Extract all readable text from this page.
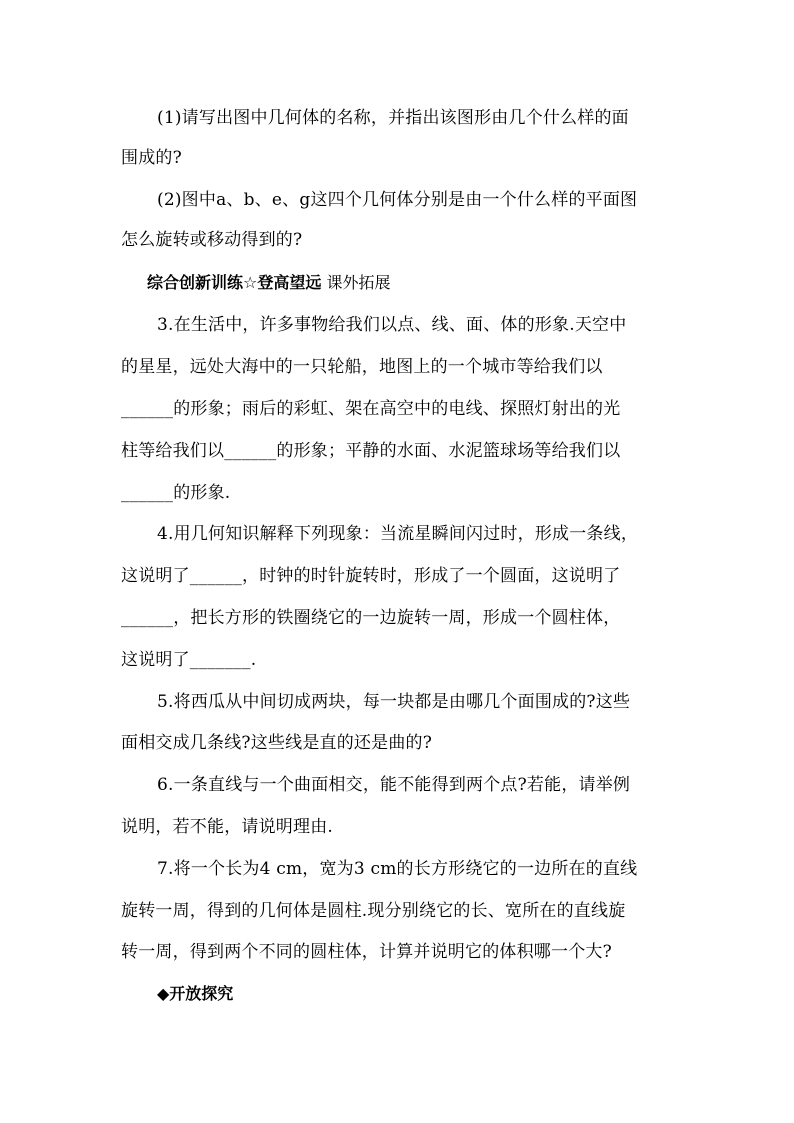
(1)请写出图中几何体的名称，并指出该图形由几个什么样的面
围成的?
(2)图中a、b、e、g这四个几何体分别是由一个什么样的平面图
怎么旋转或移动得到的?
综合创新训练☆登高望远 课外拓展
3.在生活中，许多事物给我们以点、线、面、体的形象.天空中
的星星，远处大海中的一只轮船，地图上的一个城市等给我们以
______的形象；雨后的彩虹、架在高空中的电线、探照灯射出的光
柱等给我们以______的形象；平静的水面、水泥篮球场等给我们以
______的形象.
4.用几何知识解释下列现象：当流星瞬间闪过时，形成一条线，
这说明了______，时钟的时针旋转时，形成了一个圆面，这说明了
______，把长方形的铁圈绕它的一边旋转一周，形成一个圆柱体，
这说明了_______.
5.将西瓜从中间切成两块，每一块都是由哪几个面围成的?这些
面相交成几条线?这些线是直的还是曲的?
6.一条直线与一个曲面相交，能不能得到两个点?若能，请举例
说明，若不能，请说明理由.
7.将一个长为4 cm，宽为3 cm的长方形绕它的一边所在的直线
旋转一周，得到的几何体是圆柱.现分别绕它的长、宽所在的直线旋
转一周，得到两个不同的圆柱体，计算并说明它的体积哪一个大?
◆开放探究
